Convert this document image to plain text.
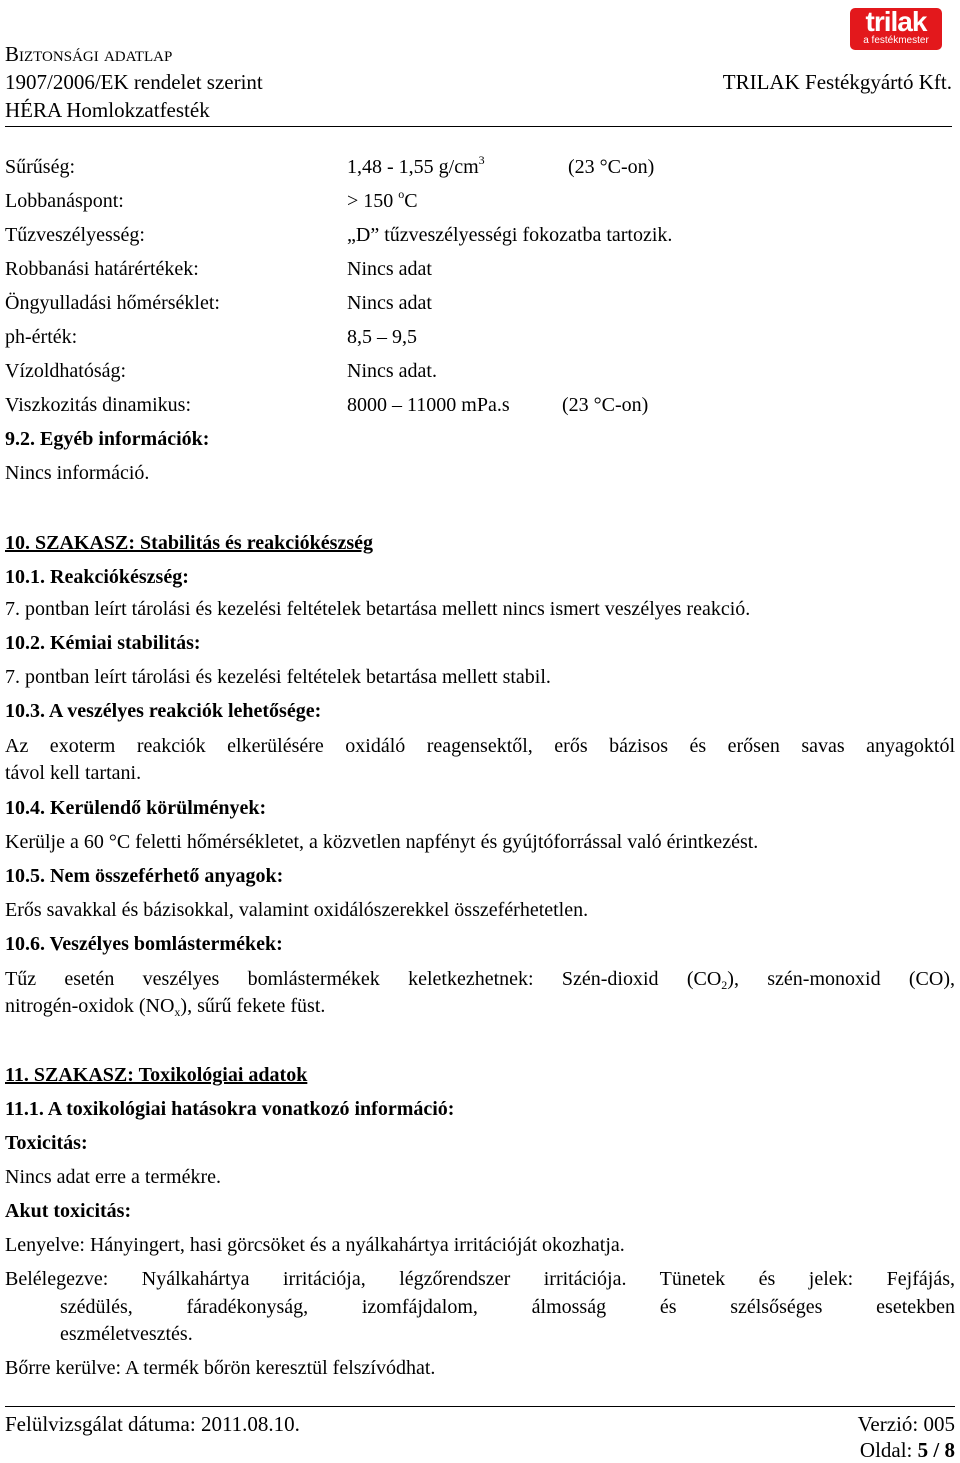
Biztonsági adatlap
1907/2006/EK rendelet szerint
HÉRA Homlokzatfesték
TRILAK Festékgyártó Kft.
trilak
a festékmester
Sűrűség:	1,48 - 1,55 $g/cm^3$	(23 °C-on)
Lobbanáspont:	> 150 $^o$C
Tűzveszélyesség:	„D” tűzveszélyességi fokozatba tartozik.
Robbanási határértékek:	Nincs adat
Öngyulladási hőmérséklet:	Nincs adat
ph-érték:	8,5 – 9,5
Vízoldhatóság:	Nincs adat.
Viszkozitás dinamikus:	8000 – 11000 mPa.s	(23 °C-on)
9.2. Egyéb információk:
Nincs információ.
10. SZAKASZ: Stabilitás és reakciókészség
10.1. Reakciókészség:
7. pontban leírt tárolási és kezelési feltételek betartása mellett nincs ismert veszélyes reakció.
10.2. Kémiai stabilitás:
7. pontban leírt tárolási és kezelési feltételek betartása mellett stabil.
10.3. A veszélyes reakciók lehetősége:
Az exoterm reakciók elkerülésére oxidáló reagensektől, erős bázisos és erősen savas anyagoktól
távol kell tartani.
10.4. Kerülendő körülmények:
Kerülje a 60 °C feletti hőmérsékletet, a közvetlen napfényt és gyújtóforrással való érintkezést.
10.5. Nem összeférhető anyagok:
Erős savakkal és bázisokkal, valamint oxidálószerekkel összeférhetetlen.
10.6. Veszélyes bomlástermékek:
Tűz esetén veszélyes bomlástermékek keletkezhetnek: Szén-dioxid $(CO_2)$, szén-monoxid (CO),
nitrogén-oxidok $(NO_x)$, sűrű fekete füst.
11. SZAKASZ: Toxikológiai adatok
11.1. A toxikológiai hatásokra vonatkozó információ:
Toxicitás:
Nincs adat erre a termékre.
Akut toxicitás:
Lenyelve: Hányingert, hasi görcsöket és a nyálkahártya irritációját okozhatja.
Belélegezve: Nyálkahártya irritációja, légzőrendszer irritációja. Tünetek és jelek: Fejfájás,
szédülés, fáradékonyság, izomfájdalom, álmosság és szélsőséges esetekben
eszméletvesztés.
Bőrre kerülve: A termék bőrön keresztül felszívódhat.
Felülvizsgálat dátuma: 2011.08.10.	Verzió: 005
Oldal: 5 / 8
